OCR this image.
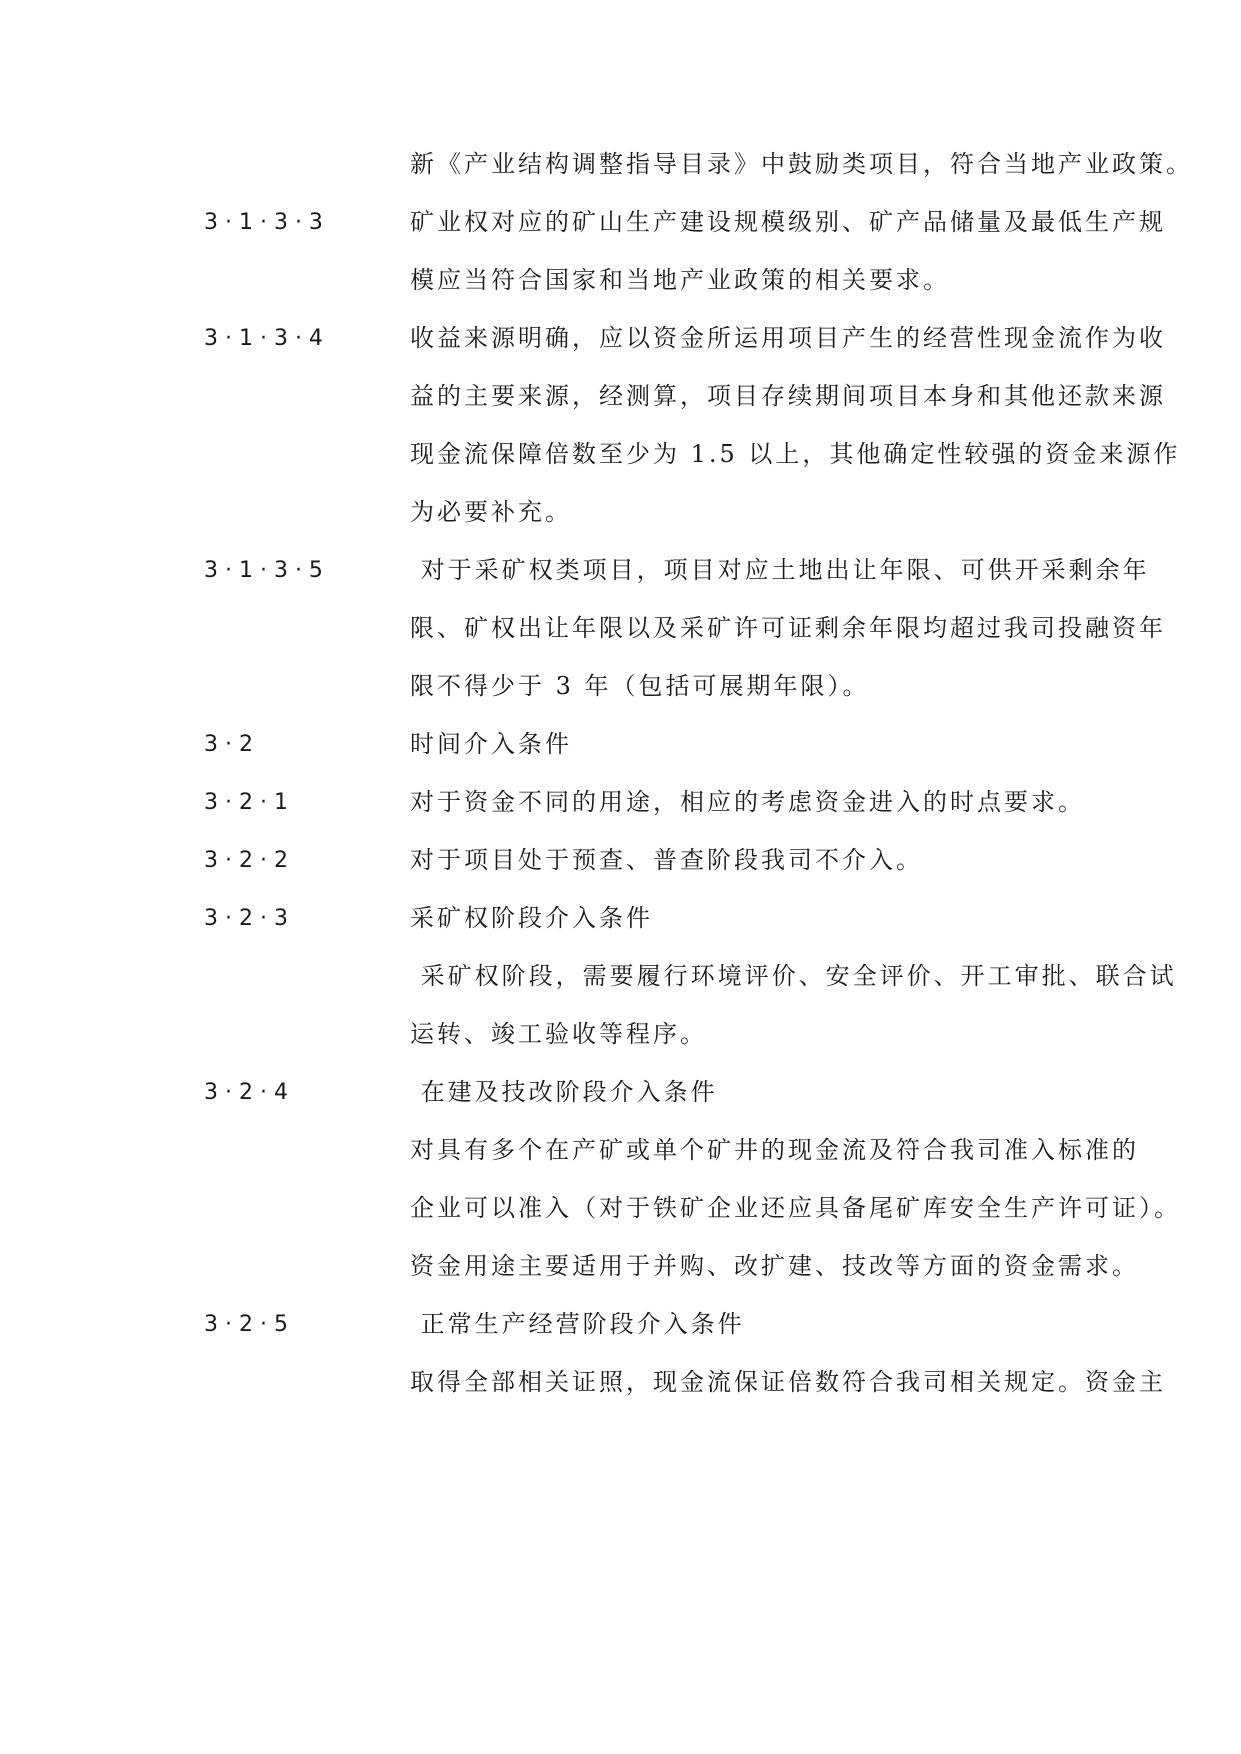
新《产业结构调整指导目录》中鼓励类项目，符合当地产业政策。
3 · 1 · 3 · 3	矿业权对应的矿山生产建设规模级别、矿产品储量及最低生产规
模应当符合国家和当地产业政策的相关要求。
3 · 1 · 3 · 4	收益来源明确，应以资金所运用项目产生的经营性现金流作为收
益的主要来源，经测算，项目存续期间项目本身和其他还款来源
现金流保障倍数至少为 1.5 以上，其他确定性较强的资金来源作
为必要补充。
3 · 1 · 3 · 5	对于采矿权类项目，项目对应土地出让年限、可供开采剩余年
限、矿权出让年限以及采矿许可证剩余年限均超过我司投融资年
限不得少于 3 年（包括可展期年限）。
3 · 2	时间介入条件
3 · 2 · 1	对于资金不同的用途，相应的考虑资金进入的时点要求。
3 · 2 · 2	对于项目处于预查、普查阶段我司不介入。
3 · 2 · 3	采矿权阶段介入条件
采矿权阶段，需要履行环境评价、安全评价、开工审批、联合试
运转、竣工验收等程序。
3 · 2 · 4	在建及技改阶段介入条件
对具有多个在产矿或单个矿井的现金流及符合我司准入标准的
企业可以准入（对于铁矿企业还应具备尾矿库安全生产许可证）。
资金用途主要适用于并购、改扩建、技改等方面的资金需求。
3 · 2 · 5	正常生产经营阶段介入条件
取得全部相关证照，现金流保证倍数符合我司相关规定。资金主
